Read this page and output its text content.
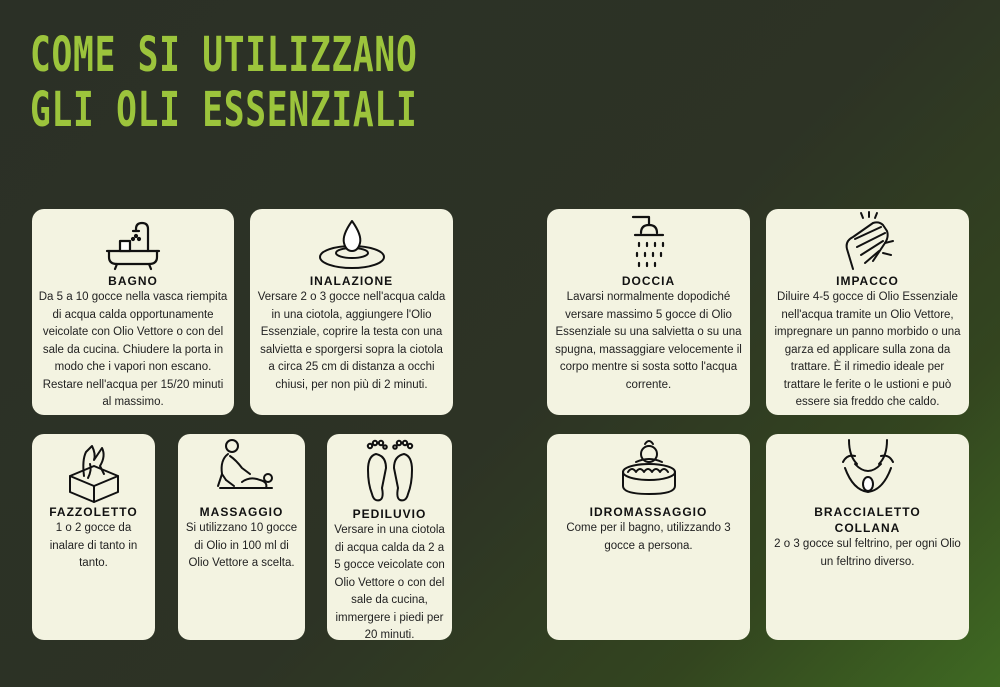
COME SI UTILIZZANO
GLI OLI ESSENZIALI
BAGNO

Da 5 a 10 gocce nella vasca riempita di acqua calda opportunamente veicolate con Olio Vettore o con del sale da cucina. Chiudere la porta in modo che i vapori non escano. Restare nell'acqua per 15/20 minuti al massimo.

INALAZIONE

Versare 2 o 3 gocce nell'acqua calda in una ciotola, aggiungere l'Olio Essenziale, coprire la testa con una salvietta e sporgersi sopra la ciotola a circa 25 cm di distanza a occhi chiusi, per non più di 2 minuti.

DOCCIA

Lavarsi normalmente dopodiché versare massimo 5 gocce di Olio Essenziale su una salvietta o su una spugna, massaggiare velocemente il corpo mentre si sosta sotto l'acqua corrente.

IMPACCO

Diluire 4-5 gocce di Olio Essenziale nell'acqua tramite un Olio Vettore, impregnare un panno morbido o una garza ed applicare sulla zona da trattare. È il rimedio ideale per trattare le ferite o le ustioni e può essere sia freddo che caldo.

FAZZOLETTO

1 o 2 gocce da inalare di tanto in tanto.

MASSAGGIO

Si utilizzano 10 gocce di Olio in 100 ml di Olio Vettore a scelta.

PEDILUVIO

Versare in una ciotola di acqua calda da 2 a 5 gocce veicolate con Olio Vettore o con del sale da cucina, immergere i piedi per 20 minuti.

IDROMASSAGGIO

Come per il bagno, utilizzando 3 gocce a persona.

BRACCIALETTO
COLLANA

2 o 3 gocce sul feltrino, per ogni Olio un feltrino diverso.
